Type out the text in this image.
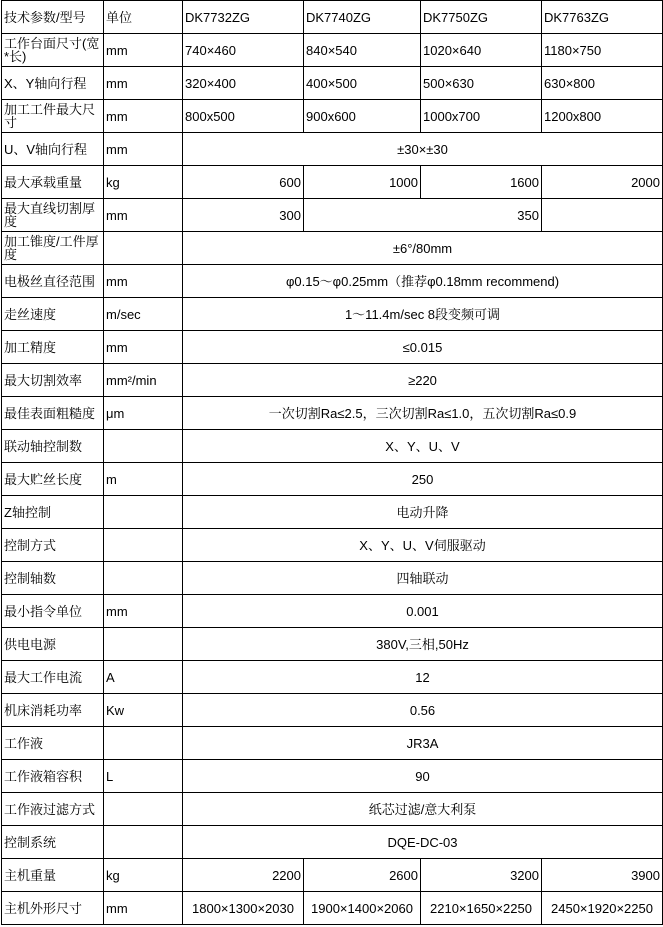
技术参数/型号	单位	DK7732ZG	DK7740ZG	DK7750ZG	DK7763ZG
工作台面尺寸(宽*长)	mm	740×460	840×540	1020×640	1180×750
X、Y轴向行程	mm	320×400	400×500	500×630	630×800
加工工件最大尺寸	mm	800x500	900x600	1000x700	1200x800
U、V轴向行程	mm	±30×±30			
最大承载重量	kg	600	1000	1600	2000
最大直线切割厚度	mm	300	350		
加工锥度/工件厚度		±6°/80mm			
电极丝直径范围	mm	φ0.15～φ0.25mm（推荐φ0.18mm recommend)			
走丝速度	m/sec	1～11.4m/sec 8段变频可调			
加工精度	mm	≤0.015			
最大切割效率	mm²/min	≥220			
最佳表面粗糙度	μm	一次切割Ra≤2.5，三次切割Ra≤1.0，五次切割Ra≤0.9			
联动轴控制数		X、Y、U、V			
最大贮丝长度	m	250			
Z轴控制		电动升降			
控制方式		X、Y、U、V伺服驱动			
控制轴数		四轴联动			
最小指令单位	mm	0.001			
供电电源		380V,三相,50Hz			
最大工作电流	A	12			
机床消耗功率	Kw	0.56			
工作液		JR3A			
工作液箱容积	L	90			
工作液过滤方式		纸芯过滤/意大利泵			
控制系统		DQE-DC-03			
主机重量	kg	2200	2600	3200	3900
主机外形尺寸	mm	1800×1300×2030	1900×1400×2060	2210×1650×2250	2450×1920×2250
